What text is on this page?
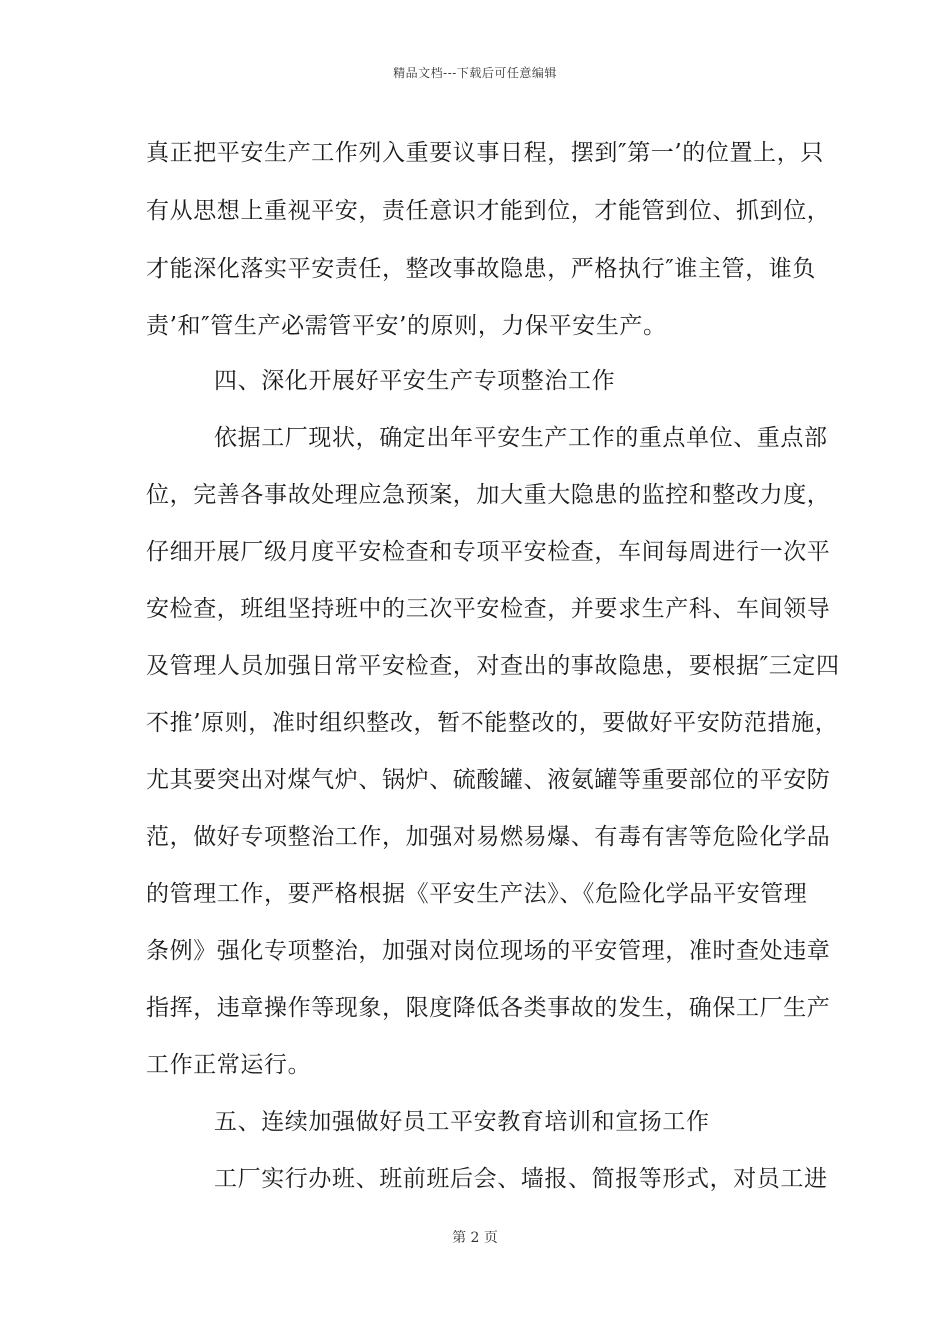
精品文档---下载后可任意编辑
真正把平安生产工作列入重要议事日程，摆到″第一’的位置上，只
有从思想上重视平安，责任意识才能到位，才能管到位、抓到位，
才能深化落实平安责任，整改事故隐患，严格执行″谁主管，谁负
责’和″管生产必需管平安’的原则，力保平安生产。
四、深化开展好平安生产专项整治工作
依据工厂现状，确定出年平安生产工作的重点单位、重点部
位，完善各事故处理应急预案，加大重大隐患的监控和整改力度，
仔细开展厂级月度平安检查和专项平安检查，车间每周进行一次平
安检查，班组坚持班中的三次平安检查，并要求生产科、车间领导
及管理人员加强日常平安检查，对查出的事故隐患，要根据″三定四
不推’原则，准时组织整改，暂不能整改的，要做好平安防范措施，
尤其要突出对煤气炉、锅炉、硫酸罐、液氨罐等重要部位的平安防
范，做好专项整治工作，加强对易燃易爆、有毒有害等危险化学品
的管理工作，要严格根据《平安生产法》、《危险化学品平安管理
条例》强化专项整治，加强对岗位现场的平安管理，准时查处违章
指挥，违章操作等现象，限度降低各类事故的发生，确保工厂生产
工作正常运行。
五、连续加强做好员工平安教育培训和宣扬工作
工厂实行办班、班前班后会、墙报、简报等形式，对员工进
第 2 页
